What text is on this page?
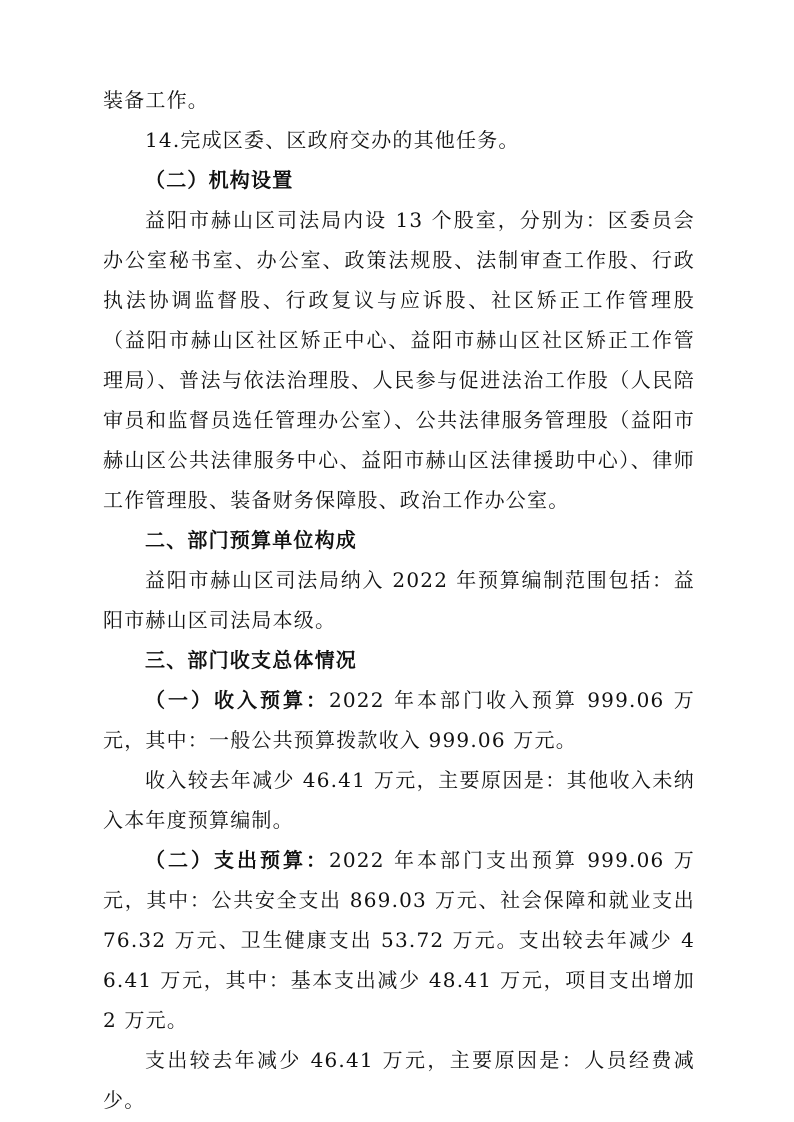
装备工作。

14.完成区委、区政府交办的其他任务。

（二）机构设置

益阳市赫山区司法局内设 13 个股室，分别为：区委员会办公室秘书室、办公室、政策法规股、法制审查工作股、行政执法协调监督股、行政复议与应诉股、社区矫正工作管理股（益阳市赫山区社区矫正中心、益阳市赫山区社区矫正工作管理局）、普法与依法治理股、人民参与促进法治工作股（人民陪审员和监督员选任管理办公室）、公共法律服务管理股（益阳市赫山区公共法律服务中心、益阳市赫山区法律援助中心）、律师工作管理股、装备财务保障股、政治工作办公室。

二、部门预算单位构成

益阳市赫山区司法局纳入 2022 年预算编制范围包括：益阳市赫山区司法局本级。

三、部门收支总体情况

（一）收入预算：2022 年本部门收入预算 999.06 万元，其中：一般公共预算拨款收入 999.06 万元。

收入较去年减少 46.41 万元，主要原因是：其他收入未纳入本年度预算编制。

（二）支出预算：2022 年本部门支出预算 999.06 万元，其中：公共安全支出 869.03 万元、社会保障和就业支出 76.32 万元、卫生健康支出 53.72 万元。支出较去年减少 46.41 万元，其中：基本支出减少 48.41 万元，项目支出增加 2 万元。

支出较去年减少 46.41 万元，主要原因是：人员经费减少。
